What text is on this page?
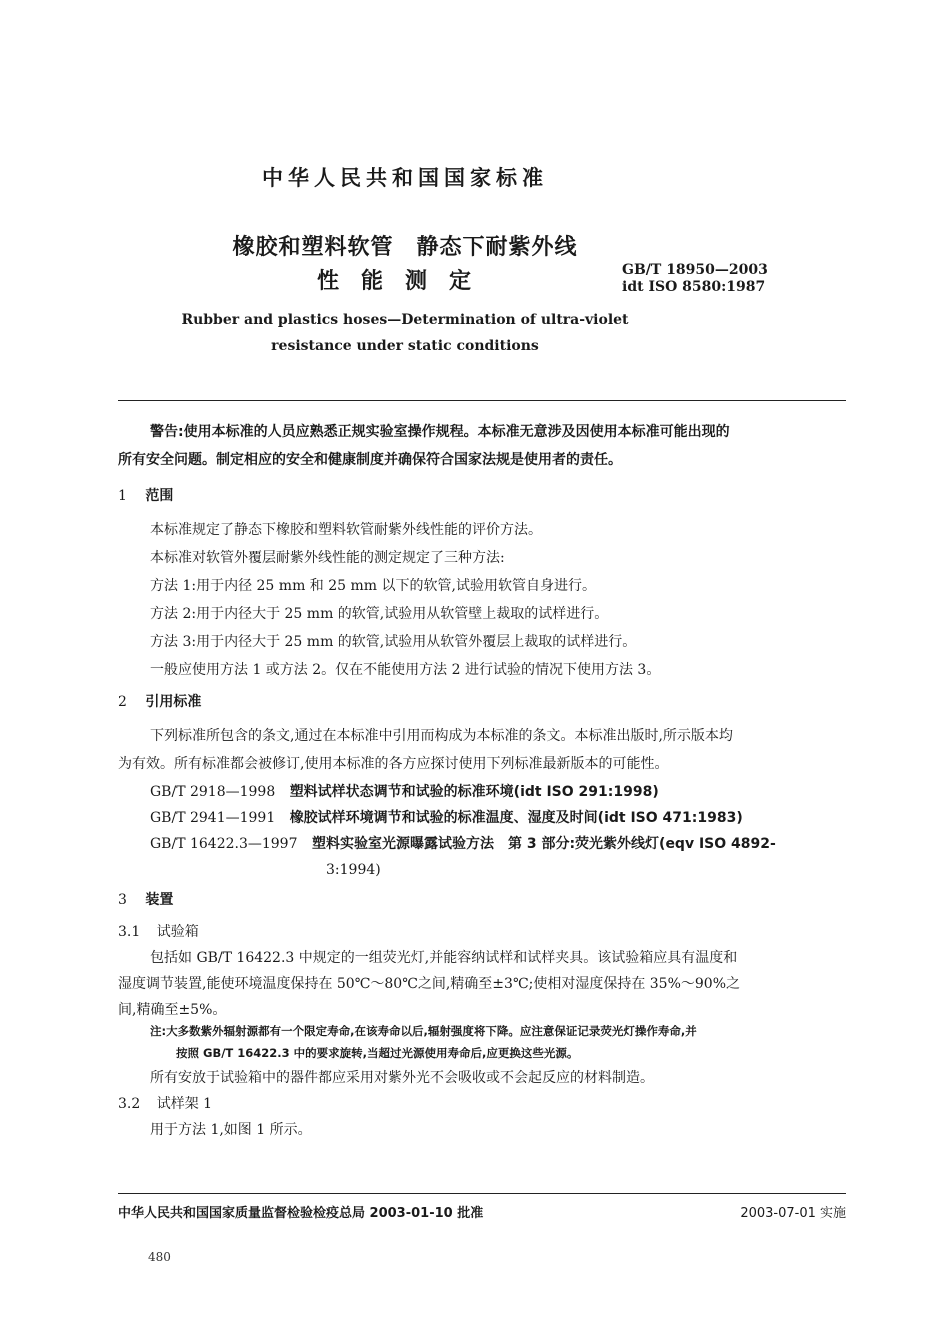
中华人民共和国国家标准
橡胶和塑料软管　静态下耐紫外线
性能测定	GB/T 18950—2003
idt ISO 8580:1987
Rubber and plastics hoses—Determination of ultra-violet
resistance under static conditions
警告:使用本标准的人员应熟悉正规实验室操作规程。本标准无意涉及因使用本标准可能出现的
所有安全问题。制定相应的安全和健康制度并确保符合国家法规是使用者的责任。
1 范围
本标准规定了静态下橡胶和塑料软管耐紫外线性能的评价方法。
本标准对软管外覆层耐紫外线性能的测定规定了三种方法:
方法 1:用于内径 25 mm 和 25 mm 以下的软管,试验用软管自身进行。
方法 2:用于内径大于 25 mm 的软管,试验用从软管壁上裁取的试样进行。
方法 3:用于内径大于 25 mm 的软管,试验用从软管外覆层上裁取的试样进行。
一般应使用方法 1 或方法 2。仅在不能使用方法 2 进行试验的情况下使用方法 3。
2 引用标准
下列标准所包含的条文,通过在本标准中引用而构成为本标准的条文。本标准出版时,所示版本均
为有效。所有标准都会被修订,使用本标准的各方应探讨使用下列标准最新版本的可能性。
GB/T 2918—1998 塑料试样状态调节和试验的标准环境(idt ISO 291:1998)
GB/T 2941—1991 橡胶试样环境调节和试验的标准温度、湿度及时间(idt ISO 471:1983)
GB/T 16422.3—1997 塑料实验室光源曝露试验方法　第 3 部分:荧光紫外线灯(eqv ISO 4892-
3:1994)
3 装置
3.1 试验箱
包括如 GB/T 16422.3 中规定的一组荧光灯,并能容纳试样和试样夹具。该试验箱应具有温度和
湿度调节装置,能使环境温度保持在 50℃～80℃之间,精确至±3℃;使相对湿度保持在 35%～90%之
间,精确至±5%。
注:大多数紫外辐射源都有一个限定寿命,在该寿命以后,辐射强度将下降。应注意保证记录荧光灯操作寿命,并
按照 GB/T 16422.3 中的要求旋转,当超过光源使用寿命后,应更换这些光源。
所有安放于试验箱中的器件都应采用对紫外光不会吸收或不会起反应的材料制造。
3.2 试样架 1
用于方法 1,如图 1 所示。
中华人民共和国国家质量监督检验检疫总局 2003-01-10 批准	2003-07-01 实施
480
